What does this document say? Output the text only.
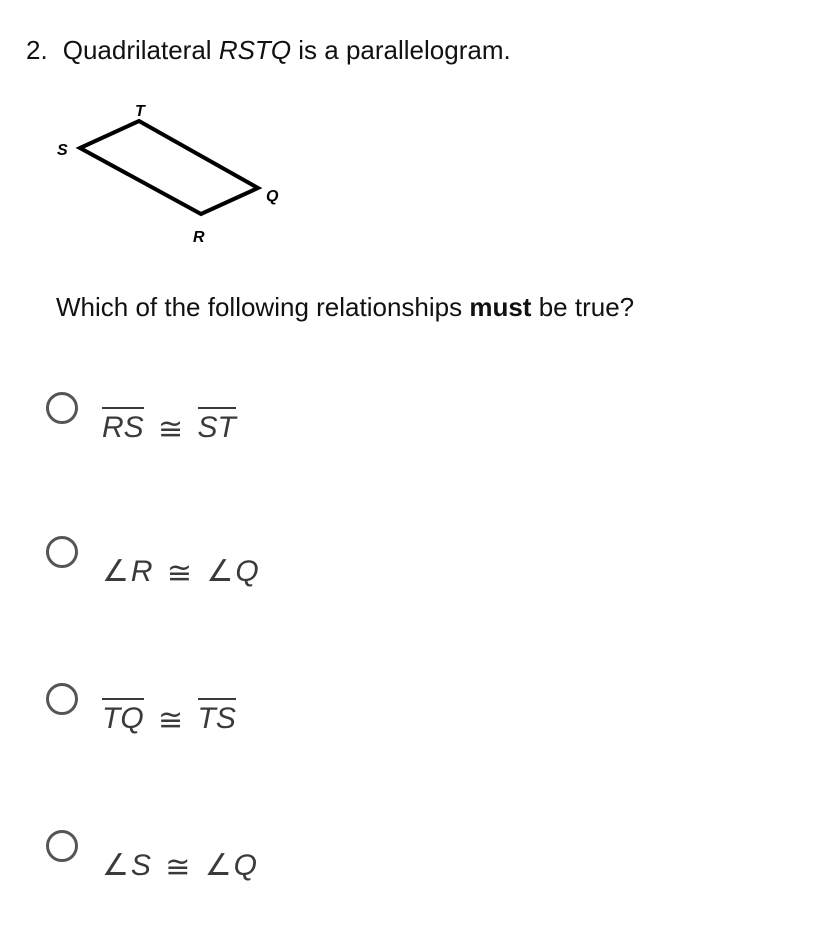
2. Quadrilateral RSTQ is a parallelogram.
T
S
Q
R
Which of the following relationships must be true?
RS ≅ ST
∠R ≅ ∠Q
TQ ≅ TS
∠S ≅ ∠Q
